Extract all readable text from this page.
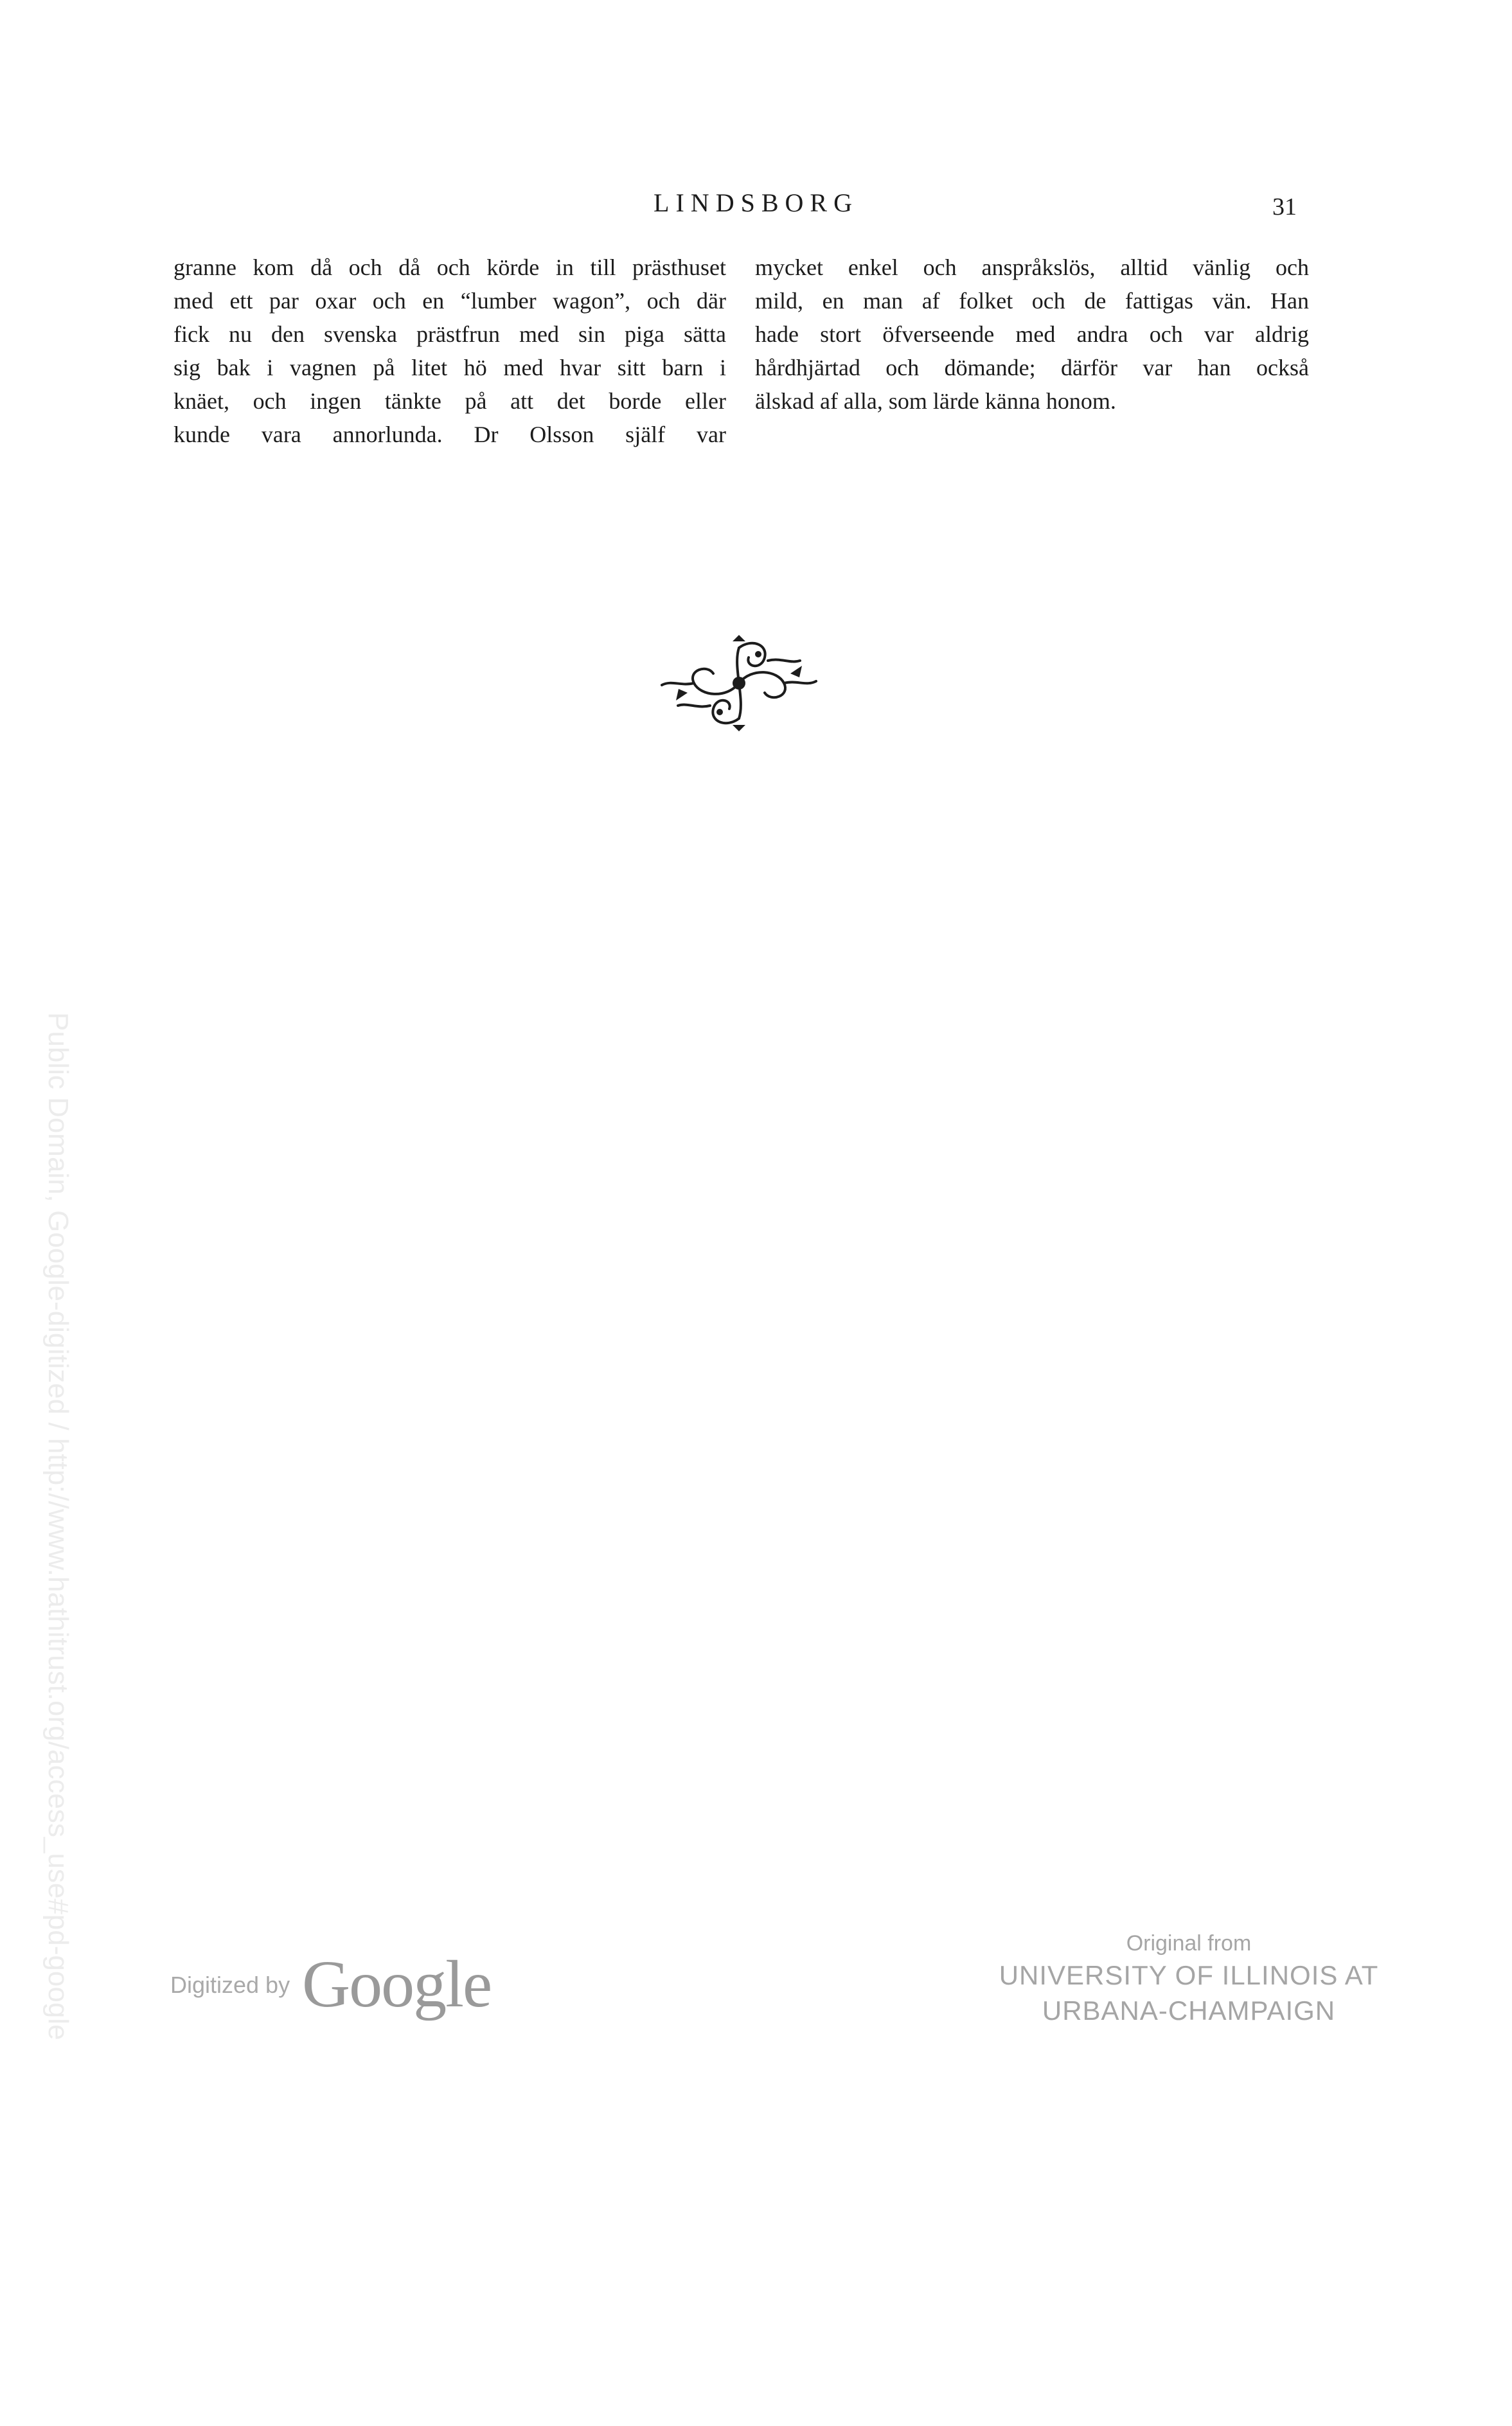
LINDSBORG	31
granne kom då och då och körde in till prästhuset
med ett par oxar och en “lumber wagon”, och där
fick nu den svenska prästfrun med sin piga sätta
sig bak i vagnen på litet hö med hvar sitt barn i
knäet, och ingen tänkte på att det borde eller
kunde vara annorlunda. Dr Olsson själf var
mycket enkel och anspråkslös, alltid vänlig och
mild, en man af folket och de fattigas vän. Han
hade stort öfverseende med andra och var aldrig
hårdhjärtad och dömande; därför var han också
älskad af alla, som lärde känna honom.
Public Domain, Google-digitized / http://www.hathitrust.org/access_use#pd-google	Digitized by Google
Original from
UNIVERSITY OF ILLINOIS AT
URBANA-CHAMPAIGN
